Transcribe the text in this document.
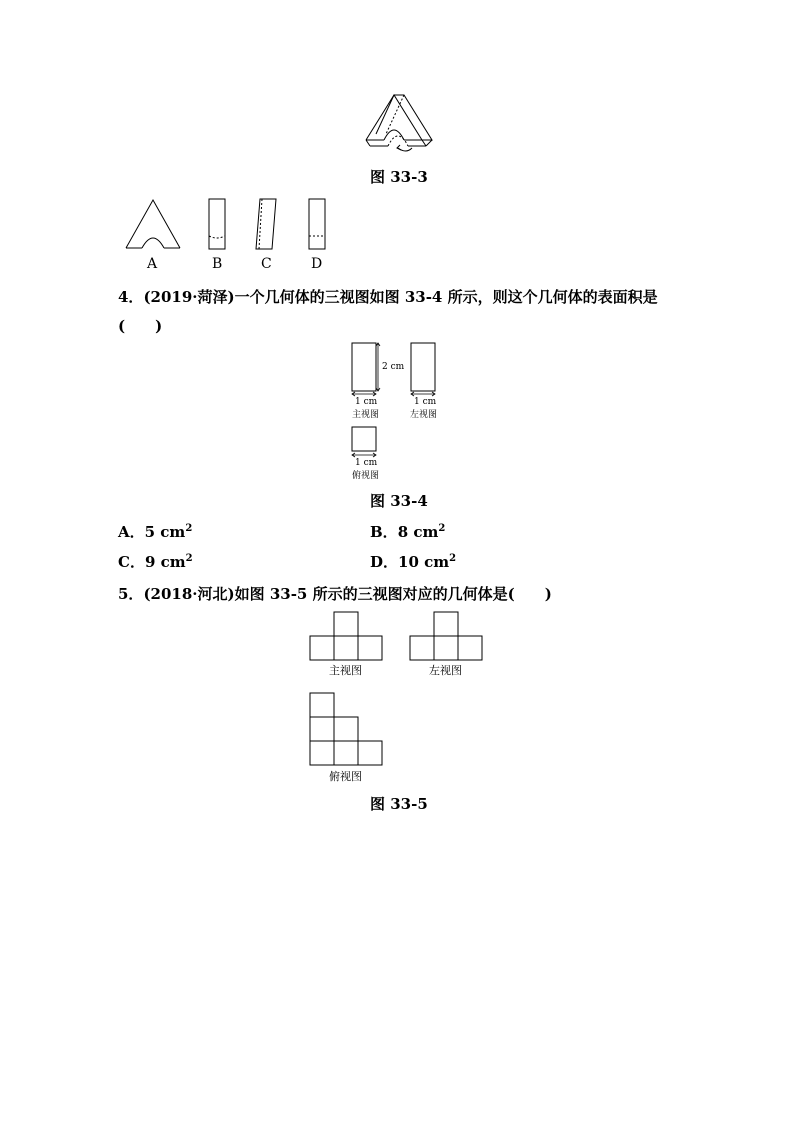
图 33-3
A	B	C	D
4．(2019·菏泽)一个几何体的三视图如图 33-4 所示，则这个几何体的表面积是
(　　)
2 cm
1 cm
主视图
1 cm
左视图
1 cm
俯视图
图 33-4
A．5 $cm^2$	B．8 $cm^2$
C．9 $cm^2$	D．10 $cm^2$
5．(2018·河北)如图 33-5 所示的三视图对应的几何体是(　　)
主视图	左视图
俯视图
图 33-5
